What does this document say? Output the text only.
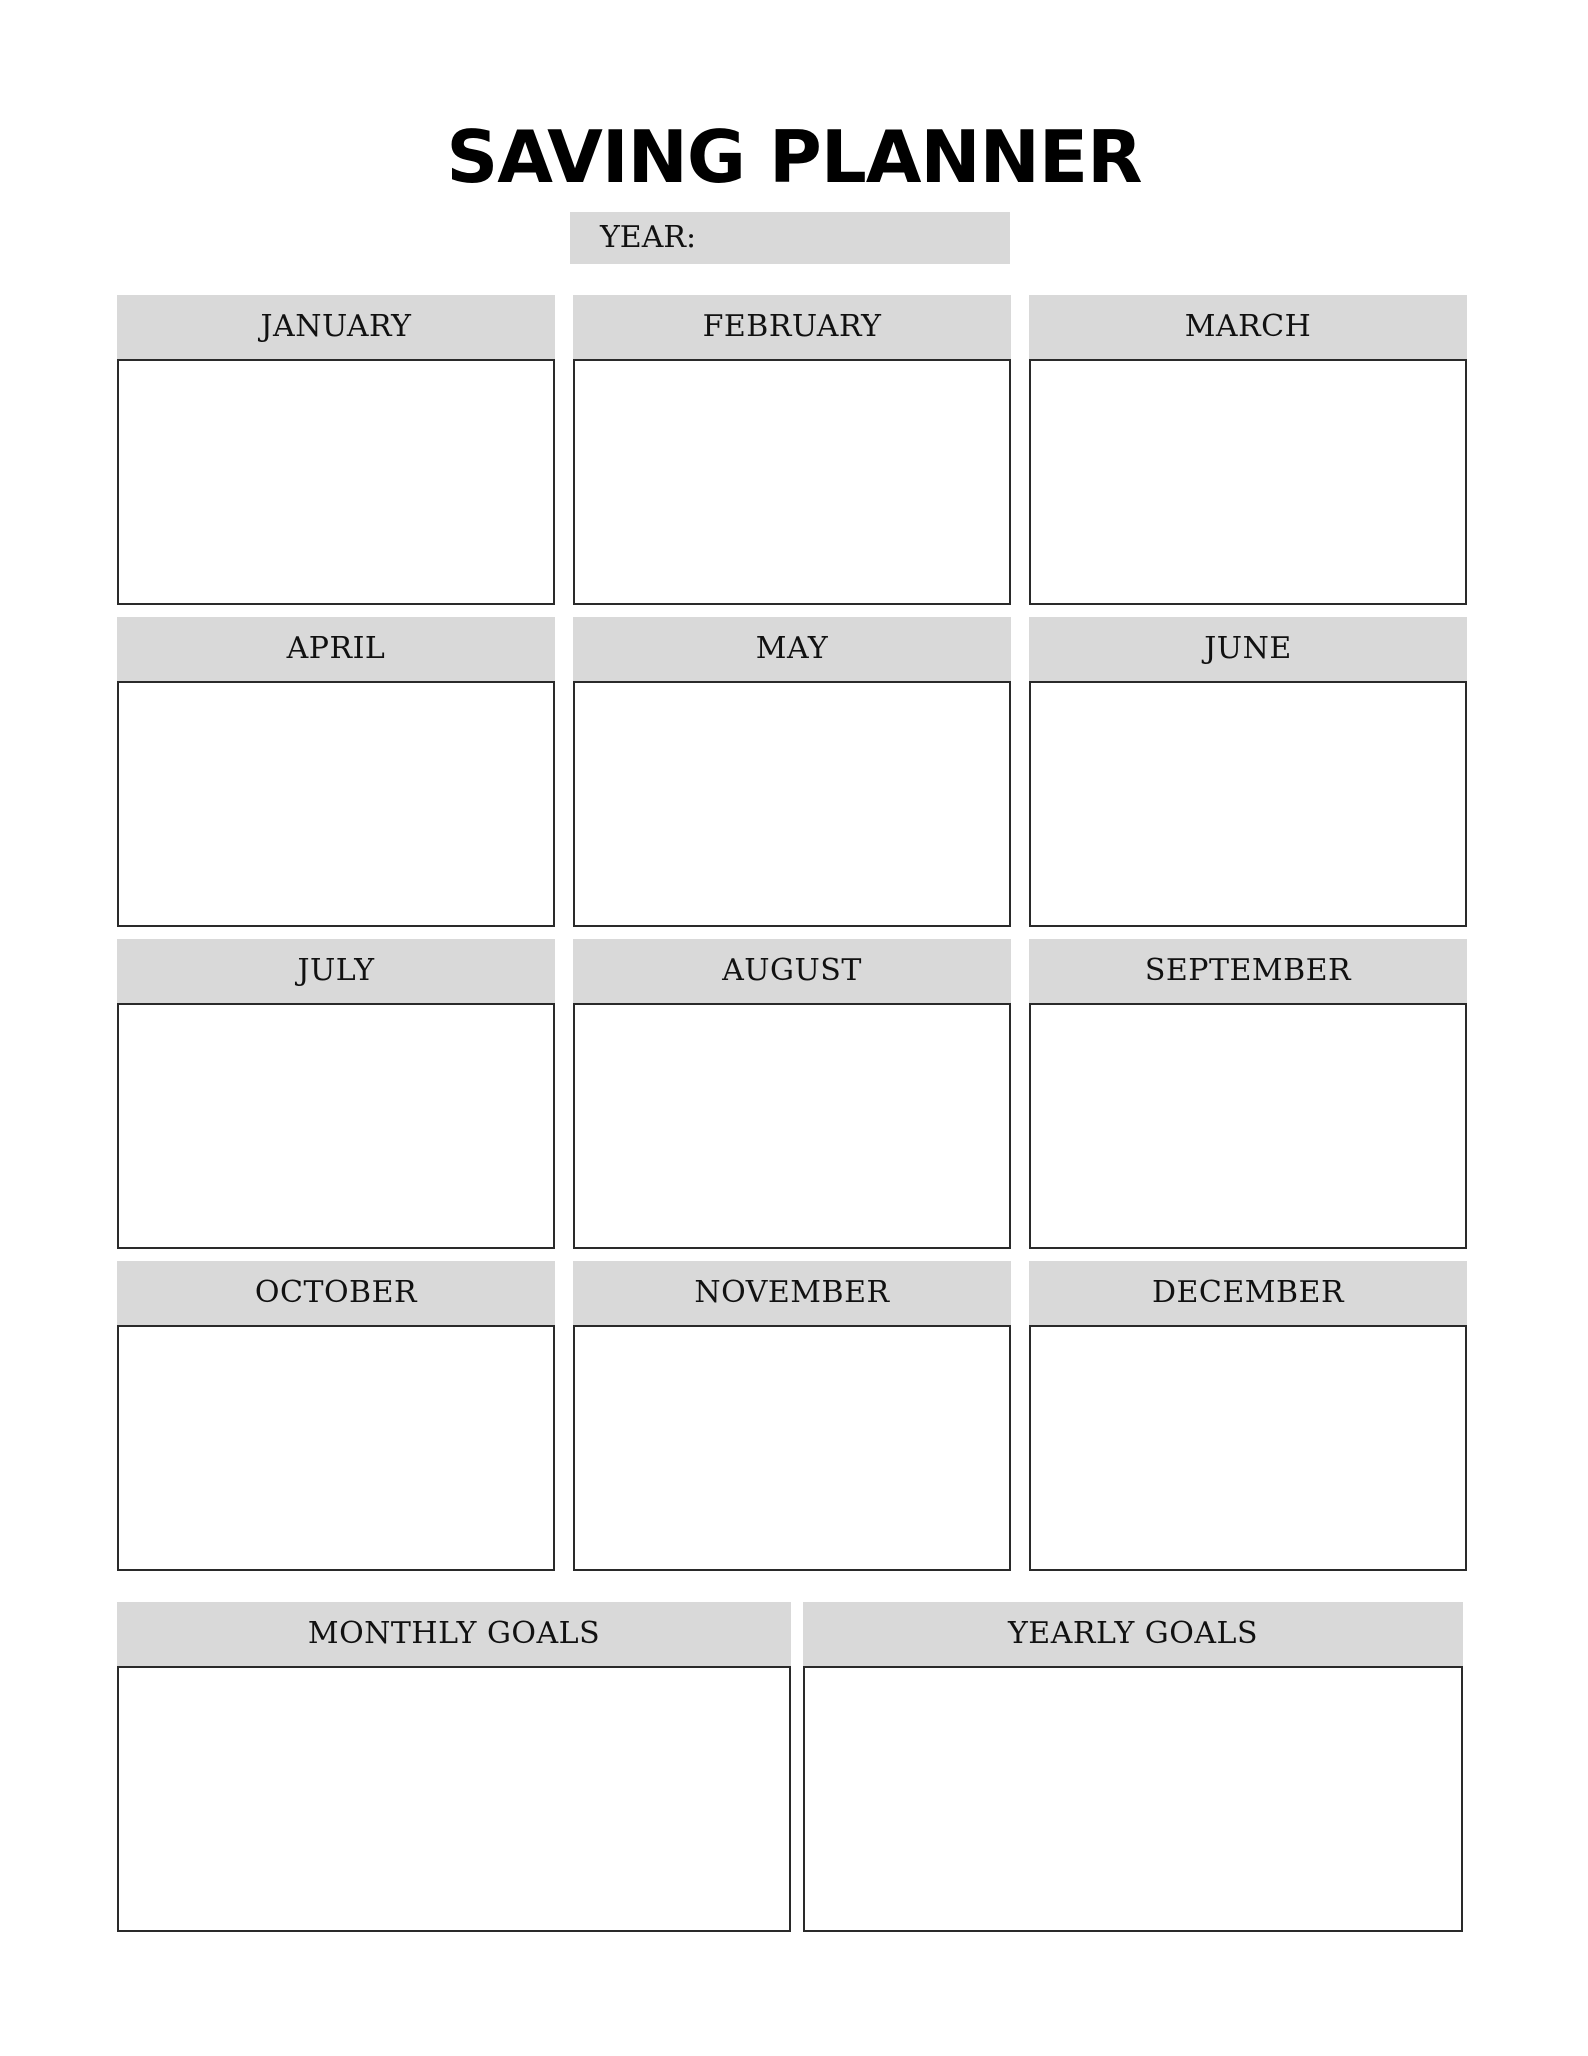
SAVING PLANNER
YEAR:
JANUARY	FEBRUARY	MARCH
APRIL	MAY	JUNE
JULY	AUGUST	SEPTEMBER
OCTOBER	NOVEMBER	DECEMBER
MONTHLY GOALS	YEARLY GOALS
